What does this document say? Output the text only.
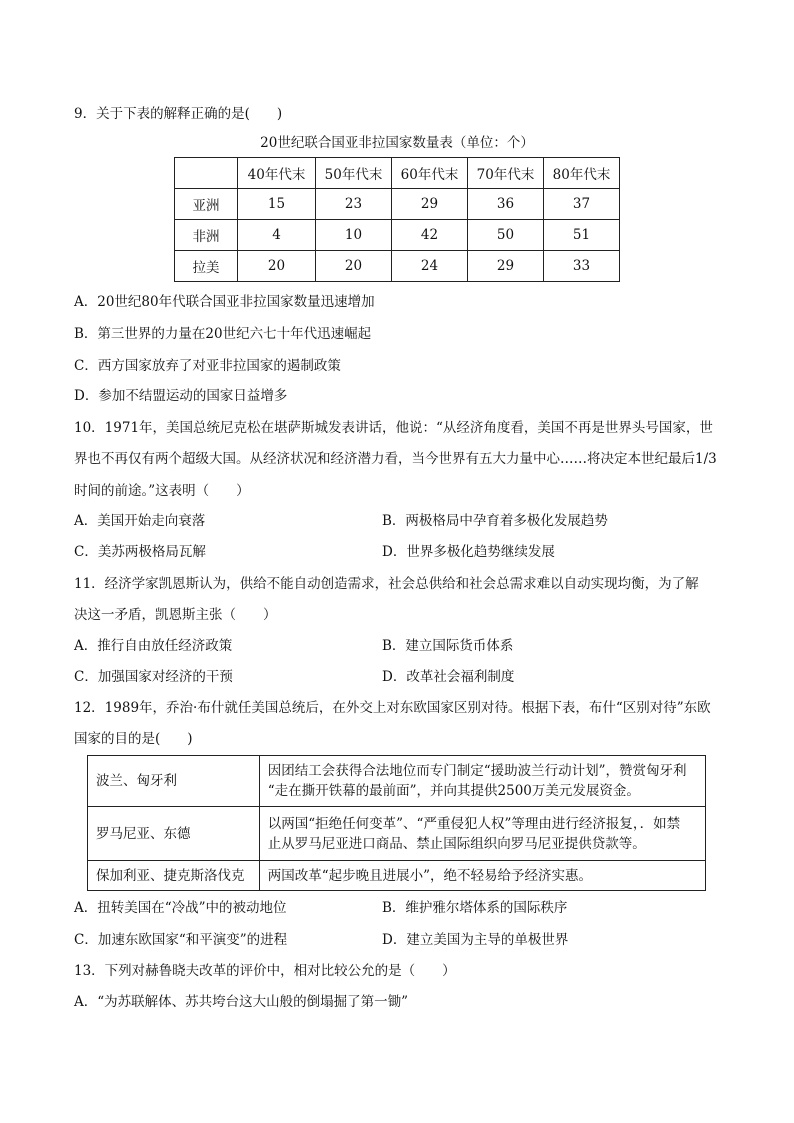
9．关于下表的解释正确的是(　　)
20世纪联合国亚非拉国家数量表（单位：个）
	40年代末	50年代末	60年代末	70年代末	80年代末
亚洲	15	23	29	36	37
非洲	4	10	42	50	51
拉美	20	20	24	29	33
A．20世纪80年代联合国亚非拉国家数量迅速增加
B．第三世界的力量在20世纪六七十年代迅速崛起
C．西方国家放弃了对亚非拉国家的遏制政策
D．参加不结盟运动的国家日益增多
10．1971年，美国总统尼克松在堪萨斯城发表讲话，他说：“从经济角度看，美国不再是世界头号国家，世
界也不再仅有两个超级大国。从经济状况和经济潜力看，当今世界有五大力量中心……将决定本世纪最后1/3
时间的前途。”这表明（　　）
A．美国开始走向衰落	B．两极格局中孕育着多极化发展趋势
C．美苏两极格局瓦解	D．世界多极化趋势继续发展
11．经济学家凯恩斯认为，供给不能自动创造需求，社会总供给和社会总需求难以自动实现均衡，为了解
决这一矛盾，凯恩斯主张（　　）
A．推行自由放任经济政策	B．建立国际货币体系
C．加强国家对经济的干预	D．改革社会福利制度
12．1989年，乔治·布什就任美国总统后，在外交上对东欧国家区别对待。根据下表，布什“区别对待”东欧
国家的目的是(　　)
波兰、匈牙利	因团结工会获得合法地位而专门制定“援助波兰行动计划”，赞赏匈牙利
“走在撕开铁幕的最前面”，并向其提供2500万美元发展资金。

罗马尼亚、东德	以两国“拒绝任何变革”、“严重侵犯人权”等理由进行经济报复，．如禁
止从罗马尼亚进口商品、禁止国际组织向罗马尼亚提供贷款等。

保加利亚、捷克斯洛伐克	两国改革“起步晚且进展小”，绝不轻易给予经济实惠。
A．扭转美国在“冷战”中的被动地位	B．维护雅尔塔体系的国际秩序
C．加速东欧国家“和平演变”的进程	D．建立美国为主导的单极世界
13．下列对赫鲁晓夫改革的评价中，相对比较公允的是（　　）
A．“为苏联解体、苏共垮台这大山般的倒塌掘了第一锄”
